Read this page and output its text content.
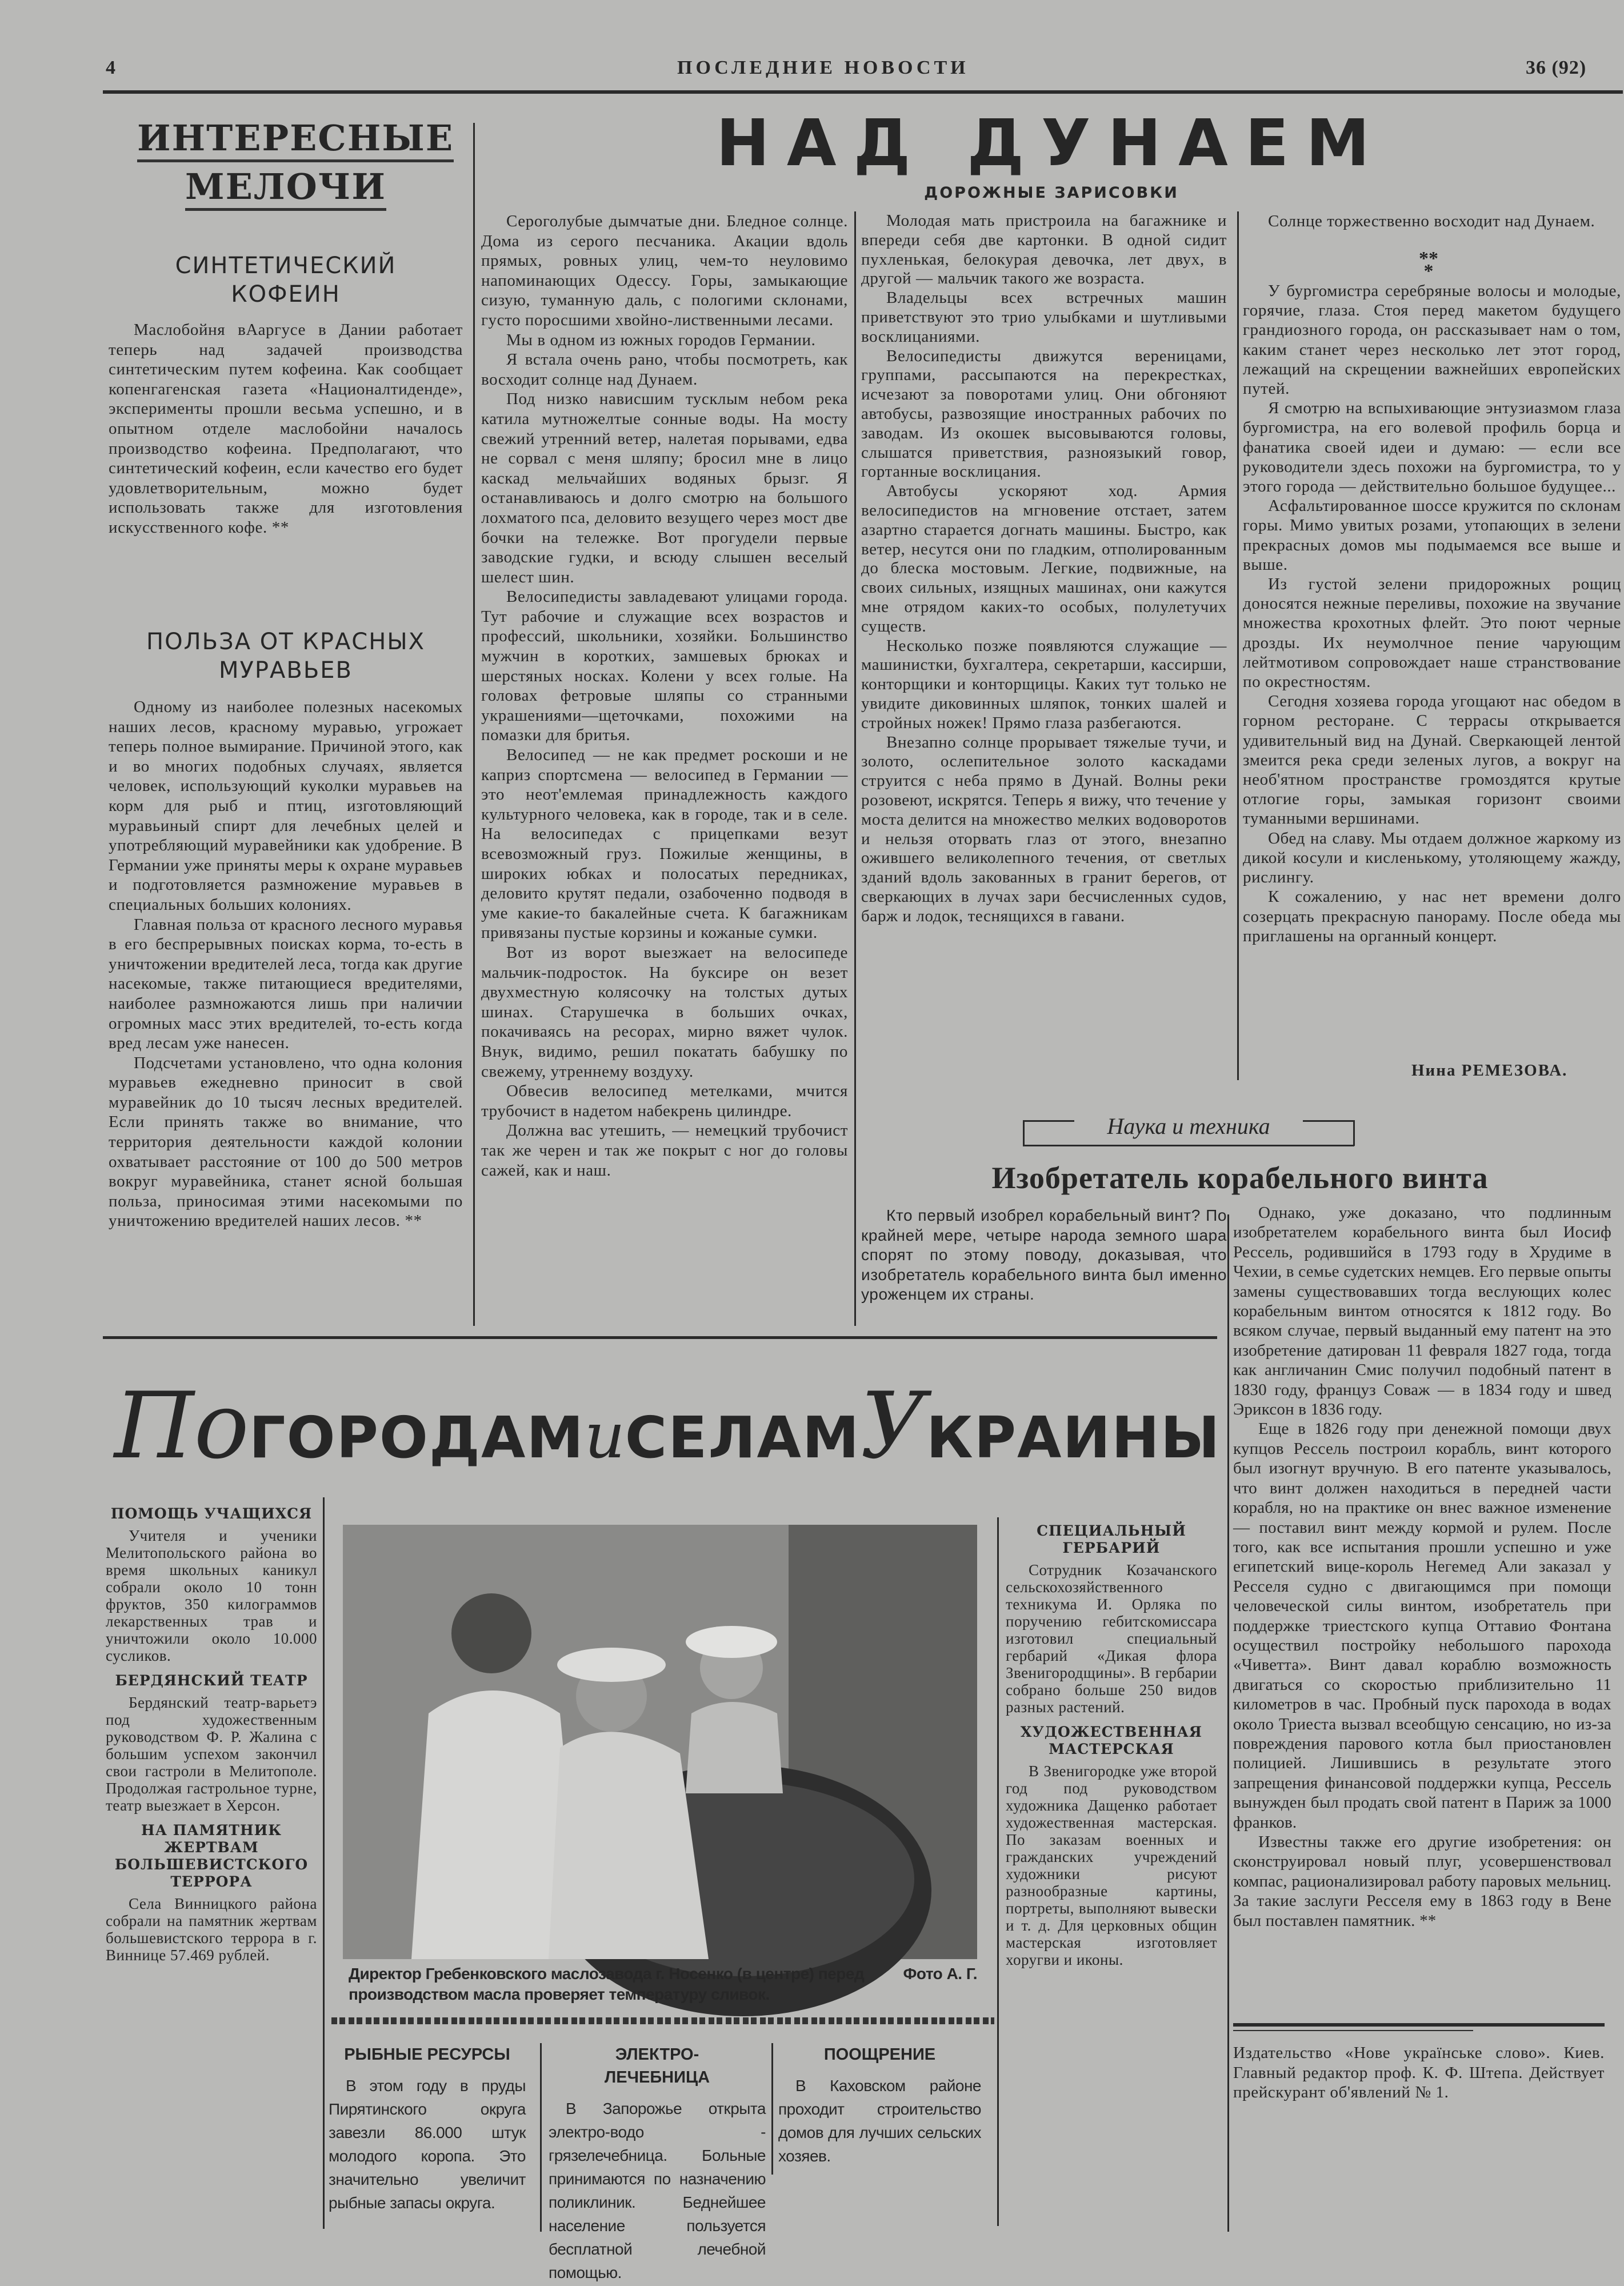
4	ПОСЛЕДНИЕ НОВОСТИ	36 (92)
ИНТЕРЕСНЫЕ
МЕЛОЧИ
СИНТЕТИЧЕСКИЙ
КОФЕИН

Маслобойня вАаргусе в Дании работает теперь над задачей производства синтетическим путем кофеина. Как сообщает копенгагенская газета «Националтиденде», эксперименты прошли весьма успешно, и в опытном отделе маслобойни началось производство кофеина. Предполагают, что синтетический кофеин, если качество его будет удовлетворительным, можно будет использовать также для изготовления искусственного кофе. **

ПОЛЬЗА ОТ КРАСНЫХ
МУРАВЬЕВ

Одному из наиболее полезных насекомых наших лесов, красному муравью, угрожает теперь полное вымирание. Причиной этого, как и во многих подобных случаях, является человек, использующий куколки муравьев на корм для рыб и птиц, изготовляющий муравьиный спирт для лечебных целей и употребляющий муравейники как удобрение. В Германии уже приняты меры к охране муравьев и подготовляется размножение муравьев в специальных больших колониях.

Главная польза от красного лесного муравья в его беспрерывных поисках корма, то-есть в уничтожении вредителей леса, тогда как другие насекомые, также питающиеся вредителями, наиболее размножаются лишь при наличии огромных масс этих вредителей, то-есть когда вред лесам уже нанесен.

Подсчетами установлено, что одна колония муравьев ежедневно приносит в свой муравейник до 10 тысяч лесных вредителей. Если принять также во внимание, что территория деятельности каждой колонии охватывает расстояние от 100 до 500 метров вокруг муравейника, станет ясной большая польза, приносимая этими насекомыми по уничтожению вредителей наших лесов. **

НАД ДУНАЕМ
ДОРОЖНЫЕ ЗАРИСОВКИ

Сероголубые дымчатые дни. Бледное солнце. Дома из серого песчаника. Акации вдоль прямых, ровных улиц, чем-то неуловимо напоминающих Одессу. Горы, замыкающие сизую, туманную даль, с пологими склонами, густо поросшими хвойно-лиственными лесами.

Мы в одном из южных городов Германии.

Я встала очень рано, чтобы посмотреть, как восходит солнце над Дунаем.

Под низко нависшим тусклым небом река катила мутножелтые сонные воды. На мосту свежий утренний ветер, налетая порывами, едва не сорвал с меня шляпу; бросил мне в лицо каскад мельчайших водяных брызг. Я останавливаюсь и долго смотрю на большого лохматого пса, деловито везущего через мост две бочки на тележке. Вот прогудели первые заводские гудки, и всюду слышен веселый шелест шин.

Велосипедисты завладевают улицами города. Тут рабочие и служащие всех возрастов и профессий, школьники, хозяйки. Большинство мужчин в коротких, замшевых брюках и шерстяных носках. Колени у всех голые. На головах фетровые шляпы со странными украшениями—щеточками, похожими на помазки для бритья.

Велосипед — не как предмет роскоши и не каприз спортсмена — велосипед в Германии — это неот'емлемая принадлежность каждого культурного человека, как в городе, так и в селе. На велосипедах с прицепками везут всевозможный груз. Пожилые женщины, в широких юбках и полосатых передниках, деловито крутят педали, озабоченно подводя в уме какие-то бакалейные счета. К багажникам привязаны пустые корзины и кожаные сумки.

Вот из ворот выезжает на велосипеде мальчик-подросток. На буксире он везет двухместную колясочку на толстых дутых шинах. Старушечка в больших очках, покачиваясь на ресорах, мирно вяжет чулок. Внук, видимо, решил покатать бабушку по свежему, утреннему воздуху.

Обвесив велосипед метелками, мчится трубочист в надетом набекрень цилиндре.

Должна вас утешить, — немецкий трубочист так же черен и так же покрыт с ног до головы сажей, как и наш.

Молодая мать пристроила на багажнике и впереди себя две картонки. В одной сидит пухленькая, белокурая девочка, лет двух, в другой — мальчик такого же возраста.

Владельцы всех встречных машин приветствуют это трио улыбками и шутливыми восклицаниями.

Велосипедисты движутся вереницами, группами, рассыпаются на перекрестках, исчезают за поворотами улиц. Они обгоняют автобусы, развозящие иностранных рабочих по заводам. Из окошек высовываются головы, слышатся приветствия, разноязыкий говор, гортанные восклицания.

Автобусы ускоряют ход. Армия велосипедистов на мгновение отстает, затем азартно старается догнать машины. Быстро, как ветер, несутся они по гладким, отполированным до блеска мостовым. Легкие, подвижные, на своих сильных, изящных машинах, они кажутся мне отрядом каких-то особых, полулетучих существ.

Несколько позже появляются служащие — машинистки, бухгалтера, секретарши, кассирши, конторщики и конторщицы. Каких тут только не увидите диковинных шляпок, тонких шалей и стройных ножек! Прямо глаза разбегаются.

Внезапно солнце прорывает тяжелые тучи, и золото, ослепительное золото каскадами струится с неба прямо в Дунай. Волны реки розовеют, искрятся. Теперь я вижу, что течение у моста делится на множество мелких водоворотов и нельзя оторвать глаз от этого, внезапно ожившего великолепного течения, от светлых зданий вдоль закованных в гранит берегов, от сверкающих в лучах зари бесчисленных судов, барж и лодок, теснящихся в гавани.

Солнце торжественно восходит над Дунаем.

**
*

У бургомистра серебряные волосы и молодые, горячие, глаза. Стоя перед макетом будущего грандиозного города, он рассказывает нам о том, каким станет через несколько лет этот город, лежащий на скрещении важнейших европейских путей.

Я смотрю на вспыхивающие энтузиазмом глаза бургомистра, на его волевой профиль борца и фанатика своей идеи и думаю: — если все руководители здесь похожи на бургомистра, то у этого города — действительно большое будущее...

Асфальтированное шоссе кружится по склонам горы. Мимо увитых розами, утопающих в зелени прекрасных домов мы подымаемся все выше и выше.

Из густой зелени придорожных рощиц доносятся нежные переливы, похожие на звучание множества крохотных флейт. Это поют черные дрозды. Их неумолчное пение чарующим лейтмотивом сопровождает наше странствование по окрестностям.

Сегодня хозяева города угощают нас обедом в горном ресторане. С террасы открывается удивительный вид на Дунай. Сверкающей лентой змеится река среди зеленых лугов, а вокруг на необ'ятном пространстве громоздятся крутые отлогие горы, замыкая горизонт своими туманными вершинами.

Обед на славу. Мы отдаем должное жаркому из дикой косули и кисленькому, утоляющему жажду, рислингу.

К сожалению, у нас нет времени долго созерцать прекрасную панораму. После обеда мы приглашены на органный концерт.

Нина РЕМЕЗОВА.
Наука и техника
Изобретатель корабельного винта

Кто первый изобрел корабельный винт? По крайней мере, четыре народа земного шара спорят по этому поводу, доказывая, что изобретатель корабельного винта был именно уроженцем их страны.

Однако, уже доказано, что подлинным изобретателем корабельного винта был Иосиф Рессель, родившийся в 1793 году в Хрудиме в Чехии, в семье судетских немцев. Его первые опыты замены существовавших тогда веслующих колес корабельным винтом относятся к 1812 году. Во всяком случае, первый выданный ему патент на это изобретение датирован 11 февраля 1827 года, тогда как англичанин Смис получил подобный патент в 1830 году, француз Соваж — в 1834 году и швед Эриксон в 1836 году.

Еще в 1826 году при денежной помощи двух купцов Рессель построил корабль, винт которого был изогнут вручную. В его патенте указывалось, что винт должен находиться в передней части корабля, но на практике он внес важное изменение — поставил винт между кормой и рулем. После того, как все испытания прошли успешно и уже египетский вице-король Негемед Али заказал у Ресселя судно с двигающимся при помощи человеческой силы винтом, изобретатель при поддержке триестского купца Оттавио Фонтана осуществил постройку небольшого парохода «Чиветта». Винт давал кораблю возможность двигаться со скоростью приблизительно 11 километров в час. Пробный пуск парохода в водах около Триеста вызвал всеобщую сенсацию, но из-за повреждения парового котла был приостановлен полицией. Лишившись в результате этого запрещения финансовой поддержки купца, Рессель вынужден был продать свой патент в Париж за 1000 франков.

Известны также его другие изобретения: он сконструировал новый плуг, усовершенствовал компас, рационализировал работу паровых мельниц. За такие заслуги Ресселя ему в 1863 году в Вене был поставлен памятник. **

Издательство «Нове українське слово». Киев. Главный редактор проф. К. Ф. Штепа. Действует прейскурант об'явлений № 1.
ПоГОРОДАМиСЕЛАМУКРАИНЫ
ПОМОЩЬ УЧАЩИХСЯ
Учителя и ученики Мелитопольского района во время школьных каникул собрали около 10 тонн фруктов, 350 килограммов лекарственных трав и уничтожили около 10.000 сусликов.
БЕРДЯНСКИЙ ТЕАТР
Бердянский театр-варьетэ под художественным руководством Ф. Р. Жалина с большим успехом закончил свои гастроли в Мелитополе. Продолжая гастрольное турне, театр выезжает в Херсон.
НА ПАМЯТНИК ЖЕРТВАМ БОЛЬШЕВИСТСКОГО ТЕРРОРА
Села Винницкого района собрали на памятник жертвам большевистского террора в г. Виннице 57.469 рублей.
Фото А. Г.
Директор Гребенковского маслозавода г. Носенко (в центре) перед производством масла проверяет температуру сливок.
РЫБНЫЕ РЕСУРСЫ
В этом году в пруды Пирятинского округа завезли 86.000 штук молодого коропа. Это значительно увеличит рыбные запасы округа.
ЭЛЕКТРО-ЛЕЧЕБНИЦА
В Запорожье открыта электро-водо - грязелечебница. Больные принимаются по назначению поликлиник. Беднейшее население пользуется бесплатной лечебной помощью.
ПООЩРЕНИЕ
В Каховском районе проходит строительство домов для лучших сельских хозяев.
СПЕЦИАЛЬНЫЙ ГЕРБАРИЙ
Сотрудник Козачанского сельскохозяйственного техникума И. Орляка по поручению гебитскомиссара изготовил специальный гербарий «Дикая флора Звенигородщины». В гербарии собрано больше 250 видов разных растений.
ХУДОЖЕСТВЕННАЯ МАСТЕРСКАЯ
В Звенигородке уже второй год под руководством художника Дащенко работает художественная мастерская. По заказам военных и гражданских учреждений художники рисуют разнообразные картины, портреты, выполняют вывески и т. д. Для церковных общин мастерская изготовляет хоругви и иконы.
